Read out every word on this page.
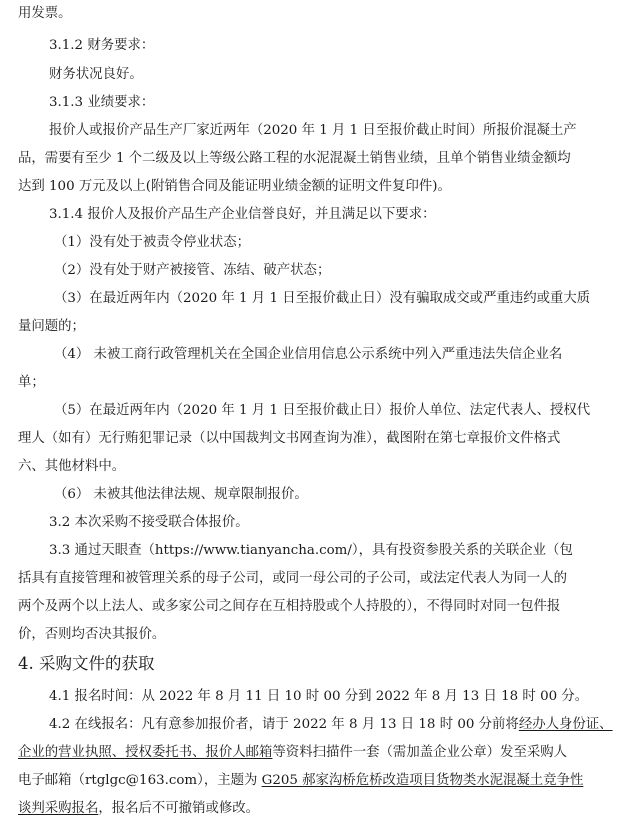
用发票。
3.1.2 财务要求：
财务状况良好。
3.1.3 业绩要求：
报价人或报价产品生产厂家近两年（2020 年 1 月 1 日至报价截止时间）所报价混凝土产
品，需要有至少 1 个二级及以上等级公路工程的水泥混凝土销售业绩，且单个销售业绩金额均
达到 100 万元及以上(附销售合同及能证明业绩金额的证明文件复印件)。
3.1.4 报价人及报价产品生产企业信誉良好，并且满足以下要求：
（1）没有处于被责令停业状态；
（2）没有处于财产被接管、冻结、破产状态；
（3）在最近两年内（2020 年 1 月 1 日至报价截止日）没有骗取成交或严重违约或重大质
量问题的；
（4） 未被工商行政管理机关在全国企业信用信息公示系统中列入严重违法失信企业名
单；
（5）在最近两年内（2020 年 1 月 1 日至报价截止日）报价人单位、法定代表人、授权代
理人（如有）无行贿犯罪记录（以中国裁判文书网查询为准），截图附在第七章报价文件格式
六、其他材料中。
（6） 未被其他法律法规、规章限制报价。
3.2 本次采购不接受联合体报价。
3.3 通过天眼查（https://www.tianyancha.com/），具有投资参股关系的关联企业（包
括具有直接管理和被管理关系的母子公司，或同一母公司的子公司，或法定代表人为同一人的
两个及两个以上法人、或多家公司之间存在互相持股或个人持股的），不得同时对同一包件报
价，否则均否决其报价。
4. 采购文件的获取
4.1 报名时间：从 2022 年 8 月 11 日 10 时 00 分到 2022 年 8 月 13 日 18 时 00 分。
4.2 在线报名：凡有意参加报价者，请于 2022 年 8 月 13 日 18 时 00 分前将经办人身份证、
企业的营业执照、授权委托书、报价人邮箱等资料扫描件一套（需加盖企业公章）发至采购人
电子邮箱（rtglgc@163.com），主题为 G205 郝家沟桥危桥改造项目货物类水泥混凝土竞争性
谈判采购报名，报名后不可撤销或修改。
